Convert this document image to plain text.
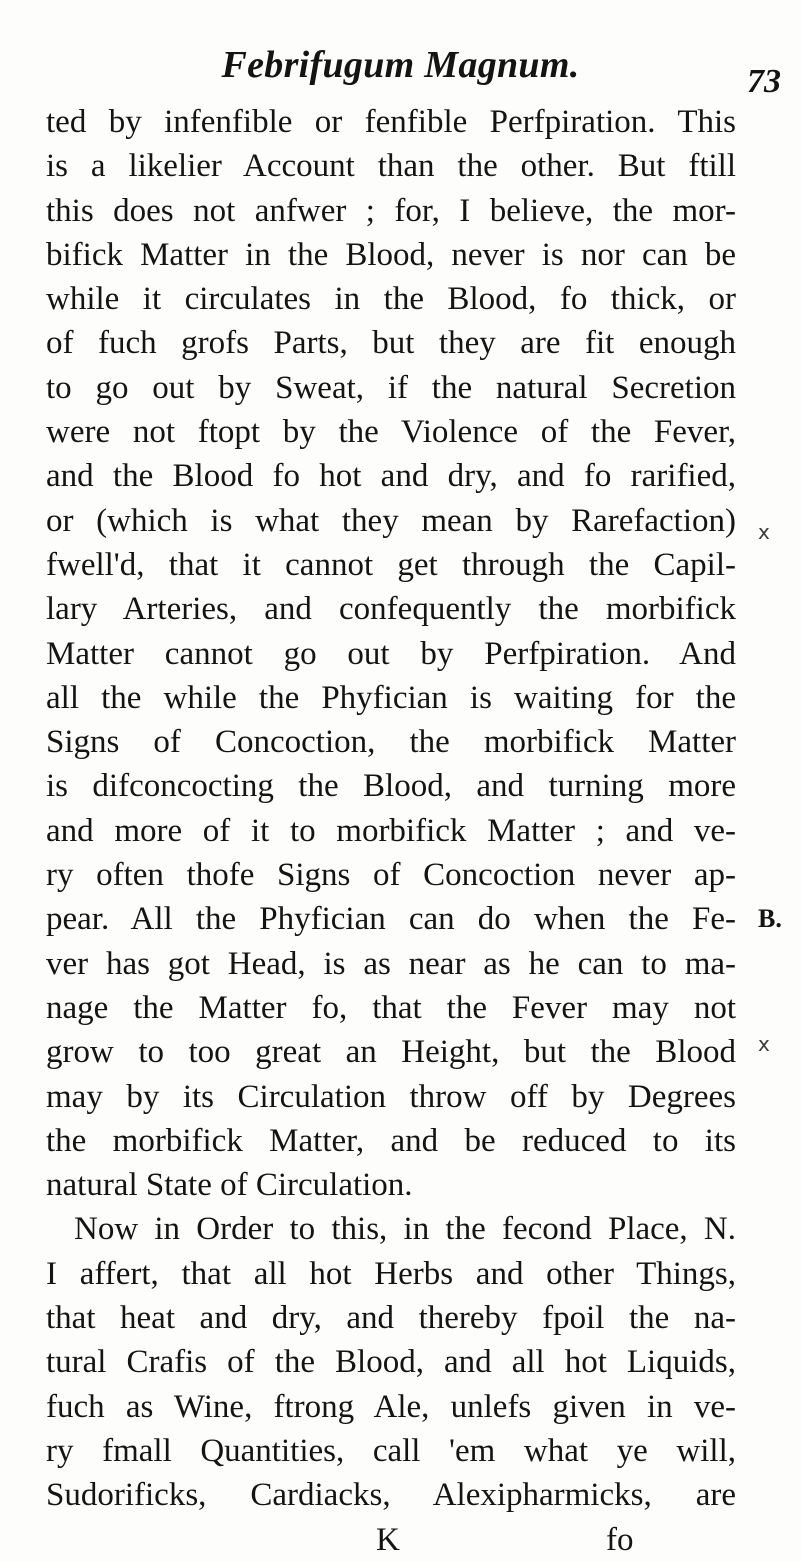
Febrifugum Magnum.	73
ted by infenfible or fenfible Perfpiration. This
is a likelier Account than the other. But ftill
this does not anfwer ; for, I believe, the mor-
bifick Matter in the Blood, never is nor can be
while it circulates in the Blood, fo thick, or
of fuch grofs Parts, but they are fit enough
to go out by Sweat, if the natural Secretion
were not ftopt by the Violence of the Fever,
and the Blood fo hot and dry, and fo rarified,
or (which is what they mean by Rarefaction)
fwell'd, that it cannot get through the Capil-
lary Arteries, and confequently the morbifick
Matter cannot go out by Perfpiration. And
all the while the Phyfician is waiting for the
Signs of Concoction, the morbifick Matter
is difconcocting the Blood, and turning more
and more of it to morbifick Matter ; and ve-
ry often thofe Signs of Concoction never ap-
pear. All the Phyfician can do when the Fe-
ver has got Head, is as near as he can to ma-
nage the Matter fo, that the Fever may not
grow to too great an Height, but the Blood
may by its Circulation throw off by Degrees
the morbifick Matter, and be reduced to its
natural State of Circulation.
Now in Order to this, in the fecond Place, N.
I affert, that all hot Herbs and other Things,
that heat and dry, and thereby fpoil the na-
tural Crafis of the Blood, and all hot Liquids,
fuch as Wine, ftrong Ale, unlefs given in ve-
ry fmall Quantities, call 'em what ye will,
Sudorificks, Cardiacks, Alexipharmicks, are
K	fo
B.
x
x
